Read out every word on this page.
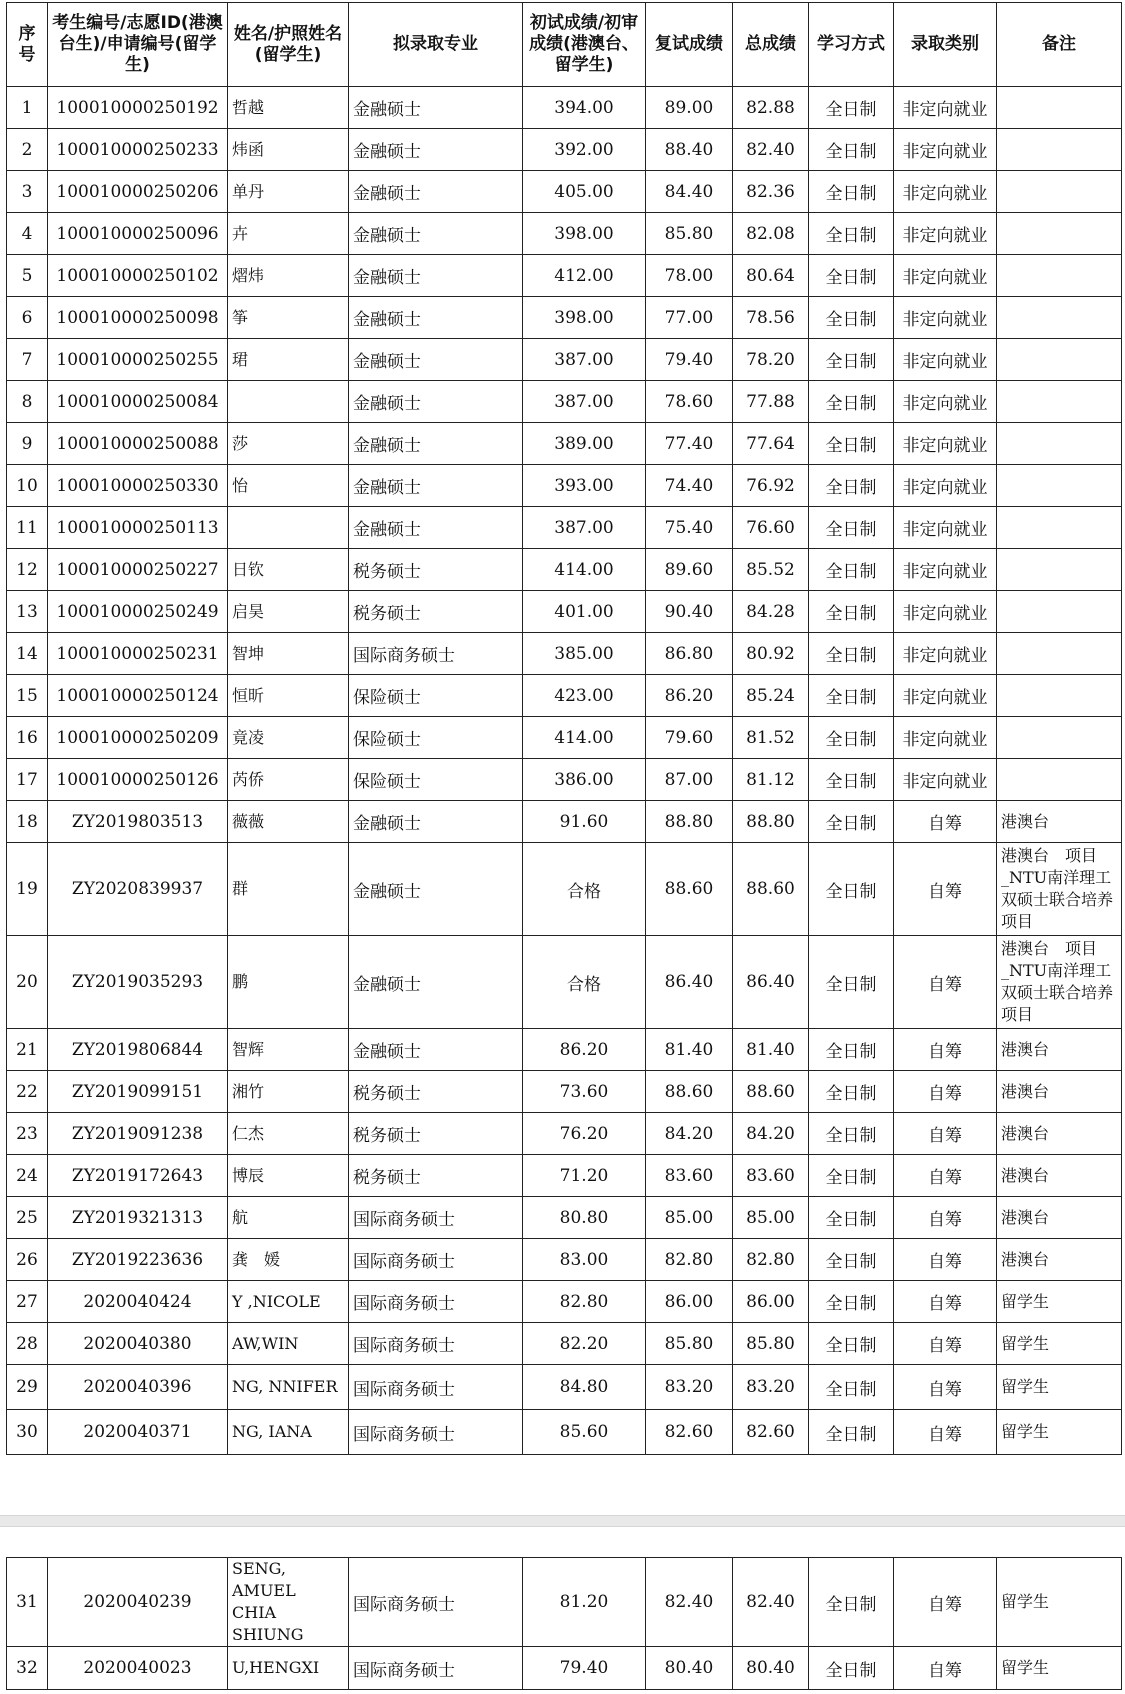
序号	考生编号/志愿ID(港澳台生)/申请编号(留学生)	姓名/护照姓名(留学生)	拟录取专业	初试成绩/初审成绩(港澳台、留学生)	复试成绩	总成绩	学习方式	录取类别	备注
1	100010000250192	哲越	金融硕士	394.00	89.00	82.88	全日制	非定向就业	
2	100010000250233	炜函	金融硕士	392.00	88.40	82.40	全日制	非定向就业	
3	100010000250206	单丹	金融硕士	405.00	84.40	82.36	全日制	非定向就业	
4	100010000250096	卉	金融硕士	398.00	85.80	82.08	全日制	非定向就业	
5	100010000250102	熠炜	金融硕士	412.00	78.00	80.64	全日制	非定向就业	
6	100010000250098	筝	金融硕士	398.00	77.00	78.56	全日制	非定向就业	
7	100010000250255	珺	金融硕士	387.00	79.40	78.20	全日制	非定向就业	
8	100010000250084		金融硕士	387.00	78.60	77.88	全日制	非定向就业	
9	100010000250088	莎	金融硕士	389.00	77.40	77.64	全日制	非定向就业	
10	100010000250330	怡	金融硕士	393.00	74.40	76.92	全日制	非定向就业	
11	100010000250113		金融硕士	387.00	75.40	76.60	全日制	非定向就业	
12	100010000250227	日钦	税务硕士	414.00	89.60	85.52	全日制	非定向就业	
13	100010000250249	启昊	税务硕士	401.00	90.40	84.28	全日制	非定向就业	
14	100010000250231	智坤	国际商务硕士	385.00	86.80	80.92	全日制	非定向就业	
15	100010000250124	恒昕	保险硕士	423.00	86.20	85.24	全日制	非定向就业	
16	100010000250209	竟凌	保险硕士	414.00	79.60	81.52	全日制	非定向就业	
17	100010000250126	芮侨	保险硕士	386.00	87.00	81.12	全日制	非定向就业	
18	ZY2019803513	薇薇	金融硕士	91.60	88.80	88.80	全日制	自筹	港澳台
19	ZY2020839937	群	金融硕士	合格	88.60	88.60	全日制	自筹	港澳台　项目_NTU南洋理工双硕士联合培养项目
20	ZY2019035293	鹏	金融硕士	合格	86.40	86.40	全日制	自筹	港澳台　项目_NTU南洋理工双硕士联合培养项目
21	ZY2019806844	智辉	金融硕士	86.20	81.40	81.40	全日制	自筹	港澳台
22	ZY2019099151	湘竹	税务硕士	73.60	88.60	88.60	全日制	自筹	港澳台
23	ZY2019091238	仁杰	税务硕士	76.20	84.20	84.20	全日制	自筹	港澳台
24	ZY2019172643	博辰	税务硕士	71.20	83.60	83.60	全日制	自筹	港澳台
25	ZY2019321313	航	国际商务硕士	80.80	85.00	85.00	全日制	自筹	港澳台
26	ZY2019223636	龚　媛	国际商务硕士	83.00	82.80	82.80	全日制	自筹	港澳台
27	2020040424	Y ,NICOLE	国际商务硕士	82.80	86.00	86.00	全日制	自筹	留学生
28	2020040380	AW,WIN	国际商务硕士	82.20	85.80	85.80	全日制	自筹	留学生
29	2020040396	NG, NNIFER	国际商务硕士	84.80	83.20	83.20	全日制	自筹	留学生
30	2020040371	NG, IANA	国际商务硕士	85.60	82.60	82.60	全日制	自筹	留学生
31	2020040239	SENG, AMUEL CHIA SHIUNG	国际商务硕士	81.20	82.40	82.40	全日制	自筹	留学生
32	2020040023	U,HENGXI	国际商务硕士	79.40	80.40	80.40	全日制	自筹	留学生
